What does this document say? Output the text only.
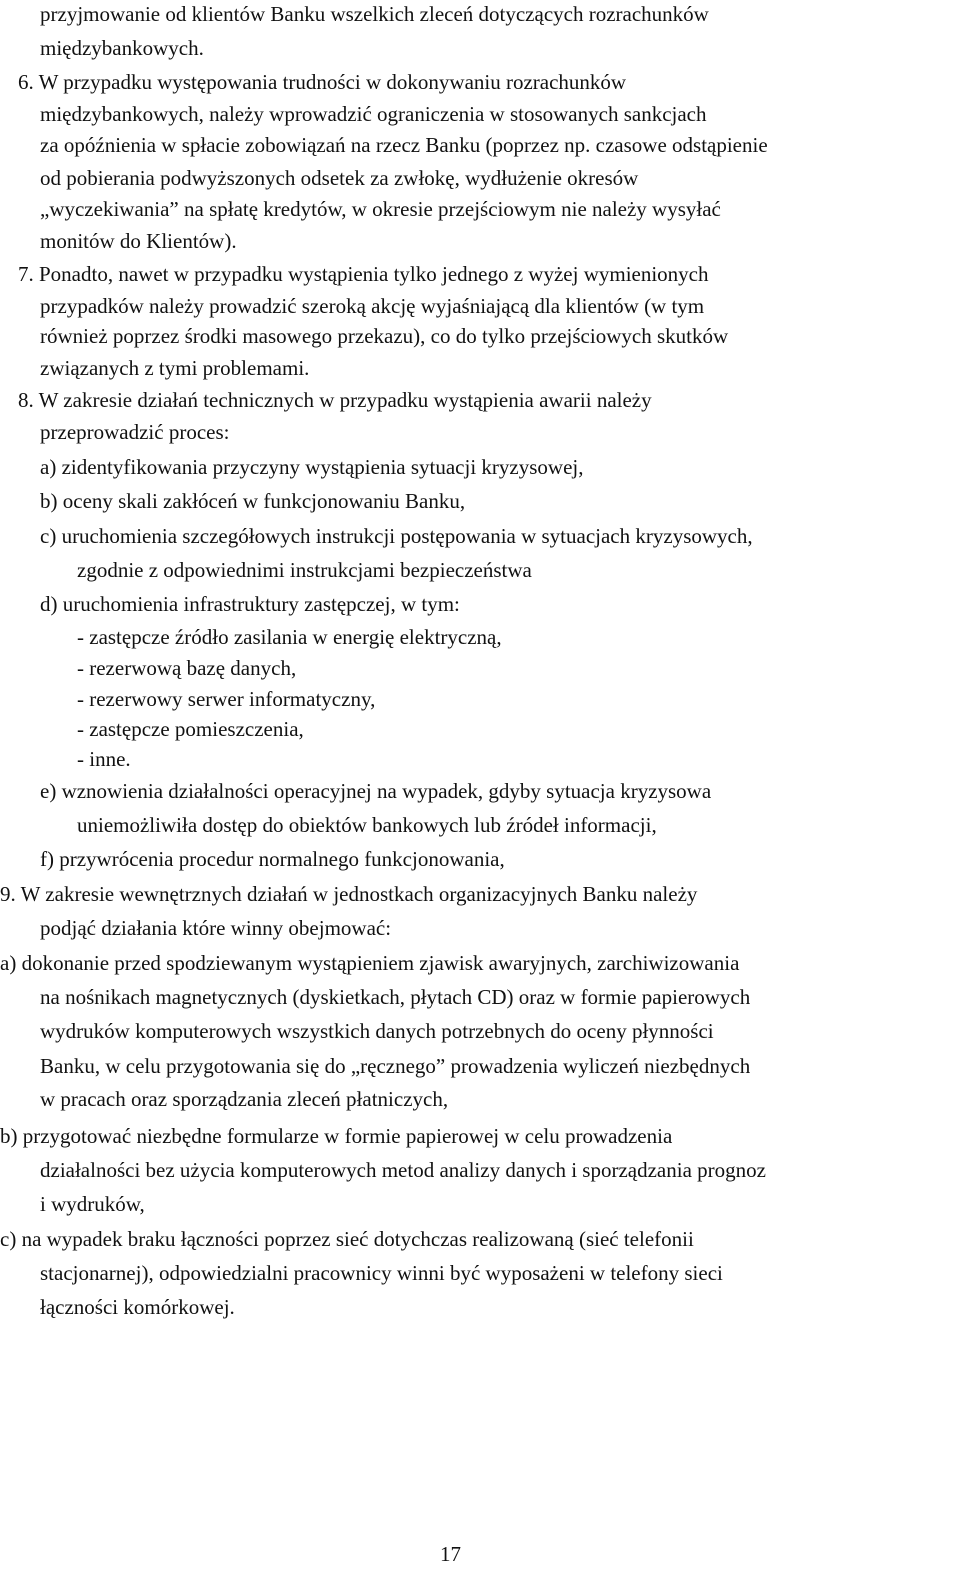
przyjmowanie od klientów Banku wszelkich zleceń dotyczących rozrachunków

międzybankowych.

6. W przypadku występowania trudności w dokonywaniu rozrachunków

międzybankowych, należy wprowadzić ograniczenia w stosowanych sankcjach

za opóźnienia w spłacie zobowiązań na rzecz Banku (poprzez np. czasowe odstąpienie

od pobierania podwyższonych odsetek za zwłokę, wydłużenie okresów

„wyczekiwania” na spłatę kredytów, w okresie przejściowym nie należy wysyłać

monitów do Klientów).

7. Ponadto, nawet w przypadku wystąpienia tylko jednego z wyżej wymienionych

przypadków należy prowadzić szeroką akcję wyjaśniającą dla klientów (w tym

również poprzez środki masowego przekazu), co do tylko przejściowych skutków

związanych z tymi problemami.

8. W zakresie działań technicznych w przypadku wystąpienia awarii należy

przeprowadzić proces:

a) zidentyfikowania przyczyny wystąpienia sytuacji kryzysowej,

b) oceny skali zakłóceń w funkcjonowaniu Banku,

c) uruchomienia szczegółowych instrukcji postępowania w sytuacjach kryzysowych,

zgodnie z odpowiednimi instrukcjami bezpieczeństwa

d) uruchomienia infrastruktury zastępczej, w tym:

- zastępcze źródło zasilania w energię elektryczną,

- rezerwową bazę danych,

- rezerwowy serwer informatyczny,

- zastępcze pomieszczenia,

- inne.

e) wznowienia działalności operacyjnej na wypadek, gdyby sytuacja kryzysowa

uniemożliwiła dostęp do obiektów bankowych lub źródeł informacji,

f) przywrócenia procedur normalnego funkcjonowania,

9. W zakresie wewnętrznych działań w jednostkach organizacyjnych Banku należy

podjąć działania które winny obejmować:

a) dokonanie przed spodziewanym wystąpieniem zjawisk awaryjnych, zarchiwizowania

na nośnikach magnetycznych (dyskietkach, płytach CD) oraz w formie papierowych

wydruków komputerowych wszystkich danych potrzebnych do oceny płynności

Banku, w celu przygotowania się do „ręcznego” prowadzenia wyliczeń niezbędnych

w pracach oraz sporządzania zleceń płatniczych,

b) przygotować niezbędne formularze w formie papierowej w celu prowadzenia

działalności bez użycia komputerowych metod analizy danych i sporządzania prognoz

i wydruków,

c) na wypadek braku łączności poprzez sieć dotychczas realizowaną (sieć telefonii

stacjonarnej), odpowiedzialni pracownicy winni być wyposażeni w telefony sieci

łączności komórkowej.

17
